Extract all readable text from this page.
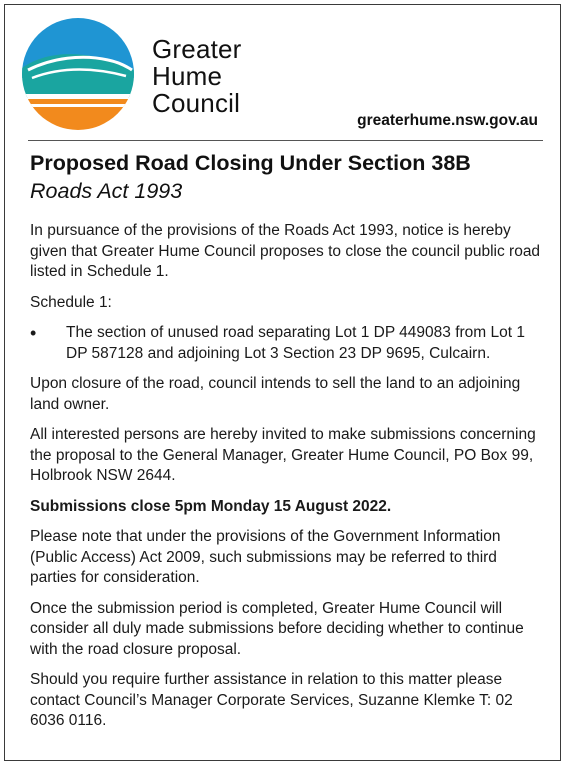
Greater
Hume
Council
greaterhume.nsw.gov.au
Proposed Road Closing Under Section 38B
Roads Act 1993

In pursuance of the provisions of the Roads Act 1993, notice is hereby given that Greater Hume Council proposes to close the council public road listed in Schedule 1.

Schedule 1:

•	The section of unused road separating Lot 1 DP 449083 from Lot 1 DP 587128 and adjoining Lot 3 Section 23 DP 9695, Culcairn.

Upon closure of the road, council intends to sell the land to an adjoining land owner.

All interested persons are hereby invited to make submissions concerning the proposal to the General Manager, Greater Hume Council, PO Box 99, Holbrook NSW 2644.

Submissions close 5pm Monday 15 August 2022.

Please note that under the provisions of the Government Information (Public Access) Act 2009, such submissions may be referred to third parties for consideration.

Once the submission period is completed, Greater Hume Council will consider all duly made submissions before deciding whether to continue with the road closure proposal.

Should you require further assistance in relation to this matter please contact Council’s Manager Corporate Services, Suzanne Klemke T: 02 6036 0116.
